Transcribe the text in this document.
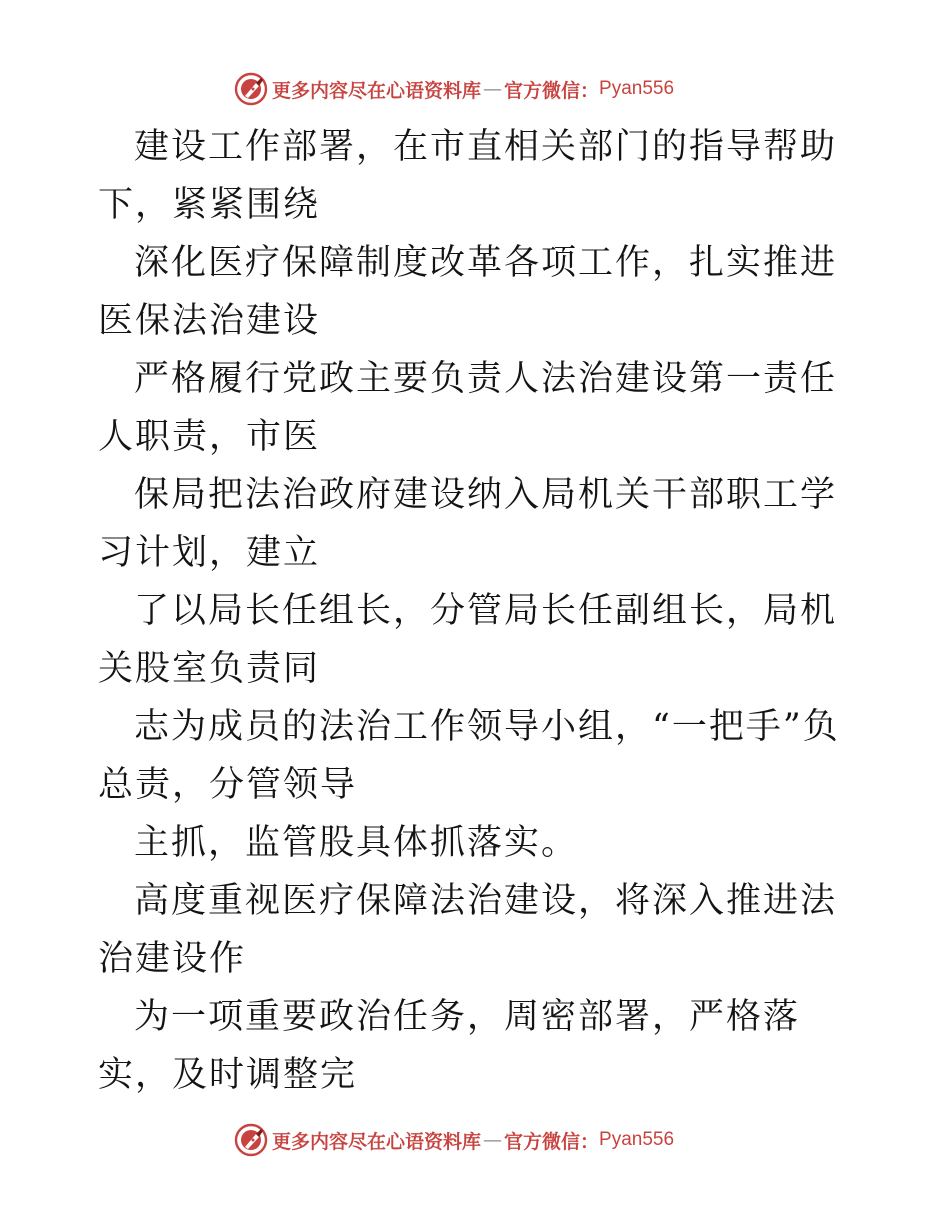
更多内容尽在心语资料库 — 官方微信： Pyan556

建设工作部署，在市直相关部门的指导帮助下，紧紧围绕

深化医疗保障制度改革各项工作，扎实推进医保法治建设

严格履行党政主要负责人法治建设第一责任人职责，市医

保局把法治政府建设纳入局机关干部职工学习计划，建立

了以局长任组长，分管局长任副组长，局机关股室负责同

志为成员的法治工作领导小组，“一把手”负总责，分管领导

主抓，监管股具体抓落实。

高度重视医疗保障法治建设，将深入推进法治建设作

为一项重要政治任务，周密部署，严格落实，及时调整完

更多内容尽在心语资料库 — 官方微信： Pyan556
